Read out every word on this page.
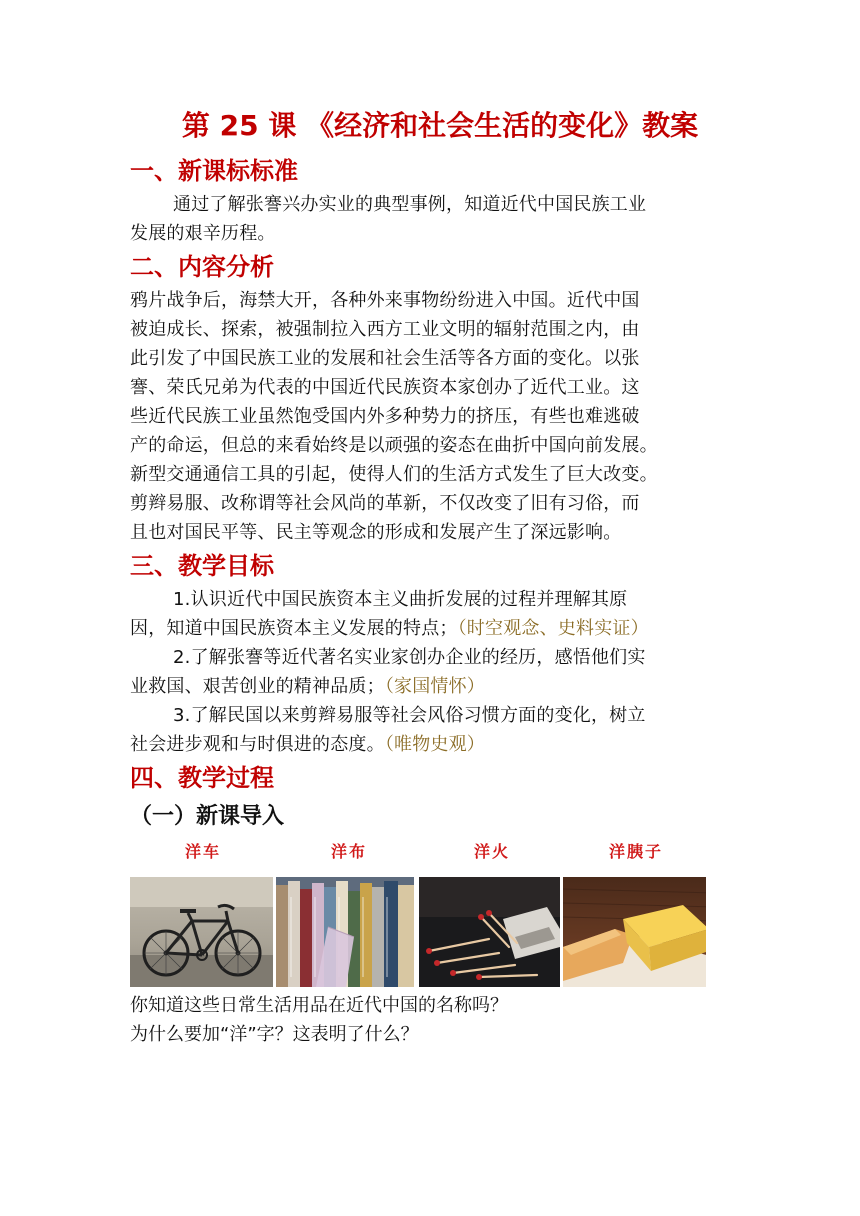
第 25 课 《经济和社会生活的变化》教案
一、新课标标准
通过了解张謇兴办实业的典型事例，知道近代中国民族工业
发展的艰辛历程。
二、内容分析
鸦片战争后，海禁大开，各种外来事物纷纷进入中国。近代中国
被迫成长、探索，被强制拉入西方工业文明的辐射范围之内，由
此引发了中国民族工业的发展和社会生活等各方面的变化。以张
謇、荣氏兄弟为代表的中国近代民族资本家创办了近代工业。这
些近代民族工业虽然饱受国内外多种势力的挤压，有些也难逃破
产的命运，但总的来看始终是以顽强的姿态在曲折中国向前发展。
新型交通通信工具的引起，使得人们的生活方式发生了巨大改变。
剪辫易服、改称谓等社会风尚的革新，不仅改变了旧有习俗，而
且也对国民平等、民主等观念的形成和发展产生了深远影响。
三、教学目标
1.认识近代中国民族资本主义曲折发展的过程并理解其原
因，知道中国民族资本主义发展的特点；（时空观念、史料实证）
2.了解张謇等近代著名实业家创办企业的经历，感悟他们实
业救国、艰苦创业的精神品质；（家国情怀）
3.了解民国以来剪辫易服等社会风俗习惯方面的变化，树立
社会进步观和与时俱进的态度。（唯物史观）
四、教学过程
（一）新课导入
洋车	洋布	洋火	洋胰子
你知道这些日常生活用品在近代中国的名称吗？
为什么要加“洋”字？这表明了什么？
